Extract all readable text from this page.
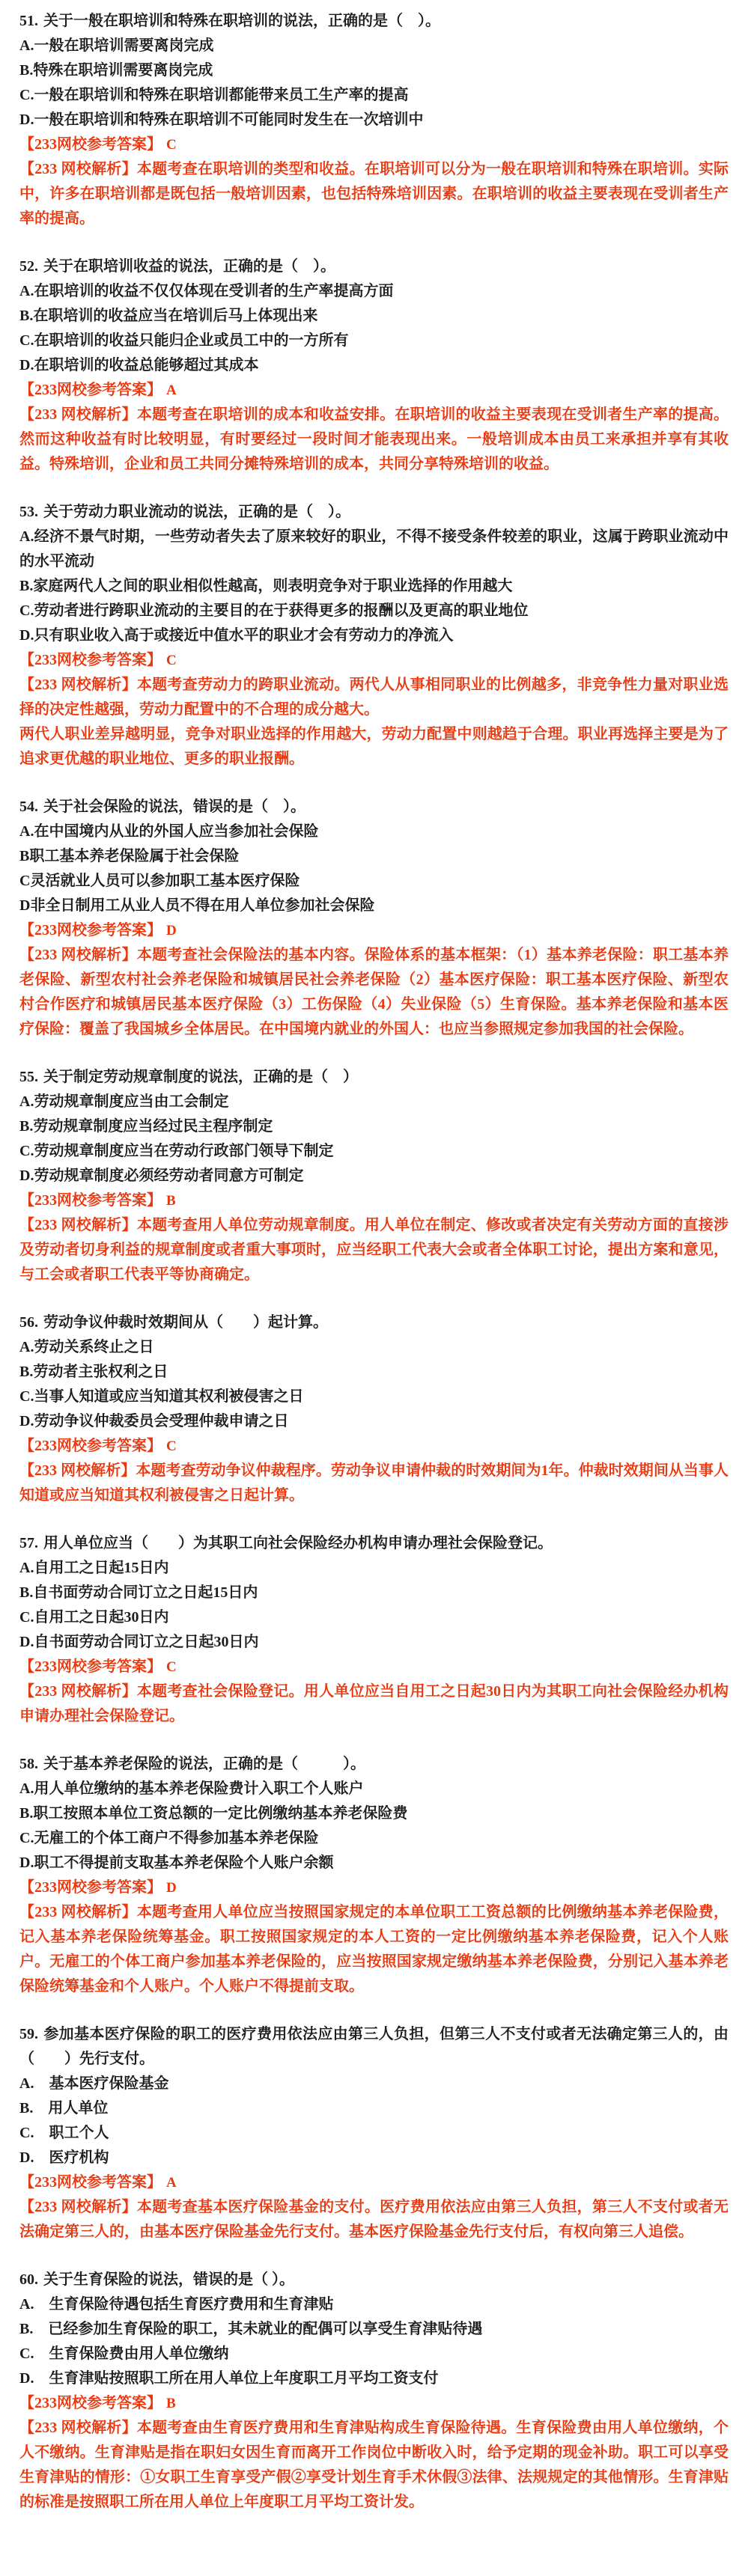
51. 关于一般在职培训和特殊在职培训的说法，正确的是（　）。

A.一般在职培训需要离岗完成

B.特殊在职培训需要离岗完成

C.一般在职培训和特殊在职培训都能带来员工生产率的提高

D.一般在职培训和特殊在职培训不可能同时发生在一次培训中

【233网校参考答案】 C

【233 网校解析】本题考查在职培训的类型和收益。在职培训可以分为一般在职培训和特殊在职培训。实际中，许多在职培训都是既包括一般培训因素，也包括特殊培训因素。在职培训的收益主要表现在受训者生产率的提高。

52. 关于在职培训收益的说法，正确的是（　）。

A.在职培训的收益不仅仅体现在受训者的生产率提高方面

B.在职培训的收益应当在培训后马上体现出来

C.在职培训的收益只能归企业或员工中的一方所有

D.在职培训的收益总能够超过其成本

【233网校参考答案】 A

【233 网校解析】本题考查在职培训的成本和收益安排。在职培训的收益主要表现在受训者生产率的提高。然而这种收益有时比较明显，有时要经过一段时间才能表现出来。一般培训成本由员工来承担并享有其收益。特殊培训，企业和员工共同分摊特殊培训的成本，共同分享特殊培训的收益。

53. 关于劳动力职业流动的说法，正确的是（　）。

A.经济不景气时期，一些劳动者失去了原来较好的职业，不得不接受条件较差的职业，这属于跨职业流动中的水平流动

B.家庭两代人之间的职业相似性越高，则表明竞争对于职业选择的作用越大

C.劳动者进行跨职业流动的主要目的在于获得更多的报酬以及更高的职业地位

D.只有职业收入高于或接近中值水平的职业才会有劳动力的净流入

【233网校参考答案】 C

【233 网校解析】本题考查劳动力的跨职业流动。两代人从事相同职业的比例越多，非竞争性力量对职业选择的决定性越强，劳动力配置中的不合理的成分越大。

两代人职业差异越明显，竞争对职业选择的作用越大，劳动力配置中则越趋于合理。职业再选择主要是为了追求更优越的职业地位、更多的职业报酬。

54. 关于社会保险的说法，错误的是（　）。

A.在中国境内从业的外国人应当参加社会保险

B职工基本养老保险属于社会保险

C灵活就业人员可以参加职工基本医疗保险

D非全日制用工从业人员不得在用人单位参加社会保险

【233网校参考答案】 D

【233 网校解析】本题考查社会保险法的基本内容。保险体系的基本框架：（1）基本养老保险：职工基本养老保险、新型农村社会养老保险和城镇居民社会养老保险（2）基本医疗保险：职工基本医疗保险、新型农村合作医疗和城镇居民基本医疗保险（3）工伤保险（4）失业保险（5）生育保险。基本养老保险和基本医疗保险：覆盖了我国城乡全体居民。在中国境内就业的外国人：也应当参照规定参加我国的社会保险。

55. 关于制定劳动规章制度的说法，正确的是（　）

A.劳动规章制度应当由工会制定

B.劳动规章制度应当经过民主程序制定

C.劳动规章制度应当在劳动行政部门领导下制定

D.劳动规章制度必须经劳动者同意方可制定

【233网校参考答案】 B

【233 网校解析】本题考查用人单位劳动规章制度。用人单位在制定、修改或者决定有关劳动方面的直接涉及劳动者切身利益的规章制度或者重大事项时，应当经职工代表大会或者全体职工讨论，提出方案和意见，与工会或者职工代表平等协商确定。

56. 劳动争议仲裁时效期间从（　　）起计算。

A.劳动关系终止之日

B.劳动者主张权利之日

C.当事人知道或应当知道其权利被侵害之日

D.劳动争议仲裁委员会受理仲裁申请之日

【233网校参考答案】 C

【233 网校解析】本题考查劳动争议仲裁程序。劳动争议申请仲裁的时效期间为1年。仲裁时效期间从当事人知道或应当知道其权利被侵害之日起计算。

57. 用人单位应当（　　）为其职工向社会保险经办机构申请办理社会保险登记。

A.自用工之日起15日内

B.自书面劳动合同订立之日起15日内

C.自用工之日起30日内

D.自书面劳动合同订立之日起30日内

【233网校参考答案】 C

【233 网校解析】本题考查社会保险登记。用人单位应当自用工之日起30日内为其职工向社会保险经办机构申请办理社会保险登记。

58. 关于基本养老保险的说法，正确的是（　　　）。

A.用人单位缴纳的基本养老保险费计入职工个人账户

B.职工按照本单位工资总额的一定比例缴纳基本养老保险费

C.无雇工的个体工商户不得参加基本养老保险

D.职工不得提前支取基本养老保险个人账户余额

【233网校参考答案】 D

【233 网校解析】本题考查用人单位应当按照国家规定的本单位职工工资总额的比例缴纳基本养老保险费，记入基本养老保险统筹基金。职工按照国家规定的本人工资的一定比例缴纳基本养老保险费，记入个人账户。无雇工的个体工商户参加基本养老保险的，应当按照国家规定缴纳基本养老保险费，分别记入基本养老保险统筹基金和个人账户。个人账户不得提前支取。

59. 参加基本医疗保险的职工的医疗费用依法应由第三人负担，但第三人不支付或者无法确定第三人的，由（　　）先行支付。

A.　基本医疗保险基金

B.　用人单位

C.　职工个人

D.　医疗机构

【233网校参考答案】 A

【233 网校解析】本题考查基本医疗保险基金的支付。医疗费用依法应由第三人负担，第三人不支付或者无法确定第三人的，由基本医疗保险基金先行支付。基本医疗保险基金先行支付后，有权向第三人追偿。

60. 关于生育保险的说法，错误的是（ ）。

A.　生育保险待遇包括生育医疗费用和生育津贴

B.　已经参加生育保险的职工，其未就业的配偶可以享受生育津贴待遇

C.　生育保险费由用人单位缴纳

D.　生育津贴按照职工所在用人单位上年度职工月平均工资支付

【233网校参考答案】 B

【233 网校解析】本题考查由生育医疗费用和生育津贴构成生育保险待遇。生育保险费由用人单位缴纳，个人不缴纳。生育津贴是指在职妇女因生育而离开工作岗位中断收入时，给予定期的现金补助。职工可以享受生育津贴的情形：①女职工生育享受产假②享受计划生育手术休假③法律、法规规定的其他情形。生育津贴的标准是按照职工所在用人单位上年度职工月平均工资计发。
